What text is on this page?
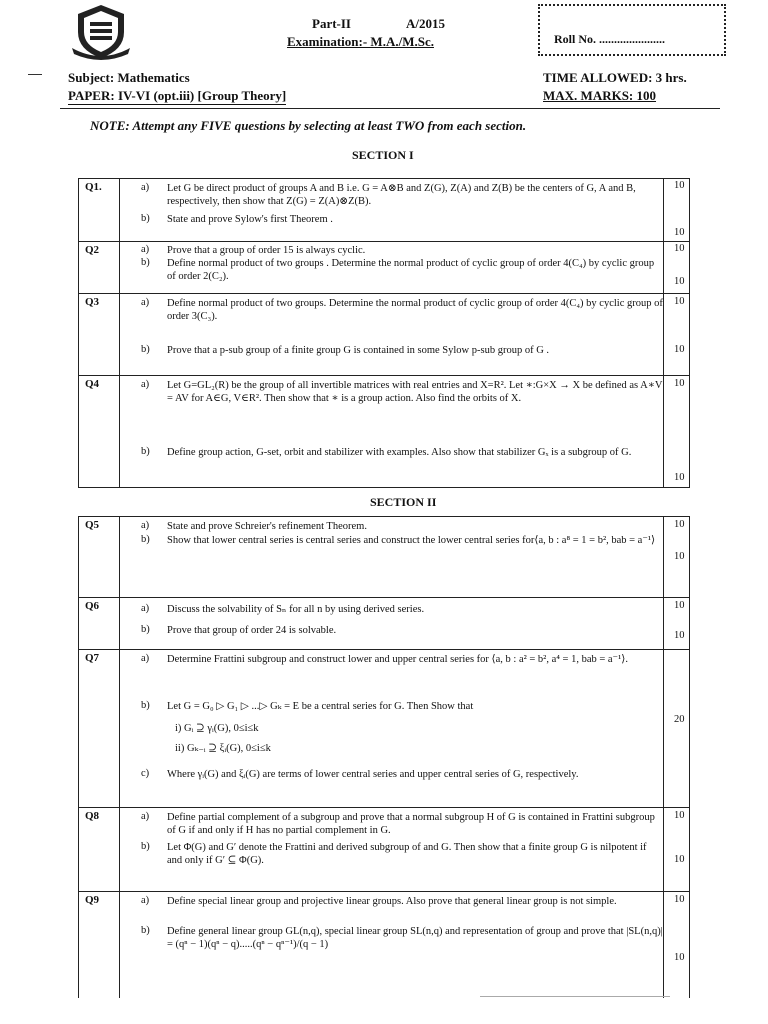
Part-II	A/2015
Examination:- M.A./M.Sc.	Roll No. ......................
Subject: Mathematics
PAPER: IV-VI (opt.iii) [Group Theory]
TIME ALLOWED: 3 hrs.
MAX. MARKS: 100
NOTE: Attempt any FIVE questions by selecting at least TWO from each section.
SECTION I
Q1.	a) Let G be direct product of groups A and B i.e. G = A⊗B and Z(G), Z(A) and Z(B) be the centers of G, A and B, respectively, then show that Z(G) = Z(A)⊗Z(B).
10
b) State and prove Sylow's first Theorem .
10
Q2	a) Prove that a group of order 15 is always cyclic.	10
b) Define normal product of two groups . Determine the normal product of cyclic group of order 4(C₄) by cyclic group of order 2(C₂).	10
Q3	a) Define normal product of two groups. Determine the normal product of cyclic group of order 4(C₄) by cyclic group of order 3(C₃).
10
b) Prove that a p-sub group of a finite group G is contained in some Sylow p-sub group of G .	10
Q4	a) Let G=GL₂(R) be the group of all invertible matrices with real entries and X=R². Let ∗:G×X → X be defined as A∗V = AV for A∈G, V∈R². Then show that ∗ is a group action. Also find the orbits of X.
10
b) Define group action, G-set, orbit and stabilizer with examples. Also show that stabilizer Gₓ is a subgroup of G.
10
SECTION II
Q5	a) State and prove Schreier's refinement Theorem.	10
b) Show that lower central series is central series and construct the lower central series for⟨a, b : a⁸ = 1 = b², bab = a⁻¹⟩
10
Q6	a) Discuss the solvability of Sₙ for all n by using derived series.	10
b) Prove that group of order 24 is solvable.	10
Q7	a) Determine Frattini subgroup and construct lower and upper central series for ⟨a, b : a² = b², a⁴ = 1, bab = a⁻¹⟩.
b) Let G = G₀ ▷ G₁ ▷ ...▷ Gₖ = E be a central series for G. Then Show that
i) Gᵢ ⊇ γᵢ(G), 0≤i≤k
ii) Gₖ₋ᵢ ⊇ ξᵢ(G), 0≤i≤k
c) Where γᵢ(G) and ξᵢ(G) are terms of lower central series and upper central series of G, respectively.
20
Q8	a) Define partial complement of a subgroup and prove that a normal subgroup H of G is contained in Frattini subgroup of G if and only if H has no partial complement in G.
10
b) Let Φ(G) and G′ denote the Frattini and derived subgroup of and G. Then show that a finite group G is nilpotent if and only if G′ ⊆ Φ(G).	10
Q9	a) Define special linear group and projective linear groups. Also prove that general linear group is not simple.	10
b) Define general linear group GL(n,q), special linear group SL(n,q) and representation of group and prove that |SL(n,q)| = (qⁿ − 1)(qⁿ − q).....(qⁿ − qⁿ⁻¹)/(q − 1)
10
